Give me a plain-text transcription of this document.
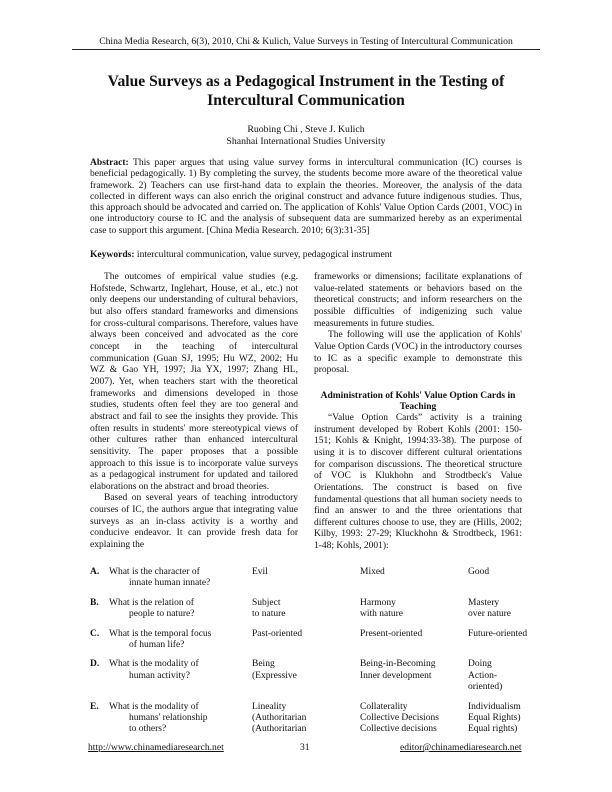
China Media Research, 6(3), 2010, Chi & Kulich, Value Surveys in Testing of Intercultural Communication
Value Surveys as a Pedagogical Instrument in the Testing of
Intercultural Communication
Ruobing Chi , Steve J. Kulich
Shanhai International Studies University

Abstract: This paper argues that using value survey forms in intercultural communication (IC) courses is beneficial pedagogically. 1) By completing the survey, the students become more aware of the theoretical value framework. 2) Teachers can use first-hand data to explain the theories. Moreover, the analysis of the data collected in different ways can also enrich the original construct and advance future indigenous studies. Thus, this approach should be advocated and carried on. The application of Kohls' Value Option Cards (2001, VOC) in one introductory course to IC and the analysis of subsequent data are summarized hereby as an experimental case to support this argument. [China Media Research. 2010; 6(3):31-35]

Keywords: intercultural communication, value survey, pedagogical instrument

The outcomes of empirical value studies (e.g. Hofstede, Schwartz, Inglehart, House, et al., etc.) not only deepens our understanding of cultural behaviors, but also offers standard frameworks and dimensions for cross-cultural comparisons. Therefore, values have always been conceived and advocated as the core concept in the teaching of intercultural communication (Guan SJ, 1995; Hu WZ, 2002; Hu WZ & Gao YH, 1997; Jia YX, 1997; Zhang HL, 2007). Yet, when teachers start with the theoretical frameworks and dimensions developed in those studies, students often feel they are too general and abstract and fail to see the insights they provide. This often results in students' more stereotypical views of other cultures rather than enhanced intercultural sensitivity. The paper proposes that a possible approach to this issue is to incorporate value surveys as a pedagogical instrument for updated and tailored elaborations on the abstract and broad theories.

Based on several years of teaching introductory courses of IC, the authors argue that integrating value surveys as an in-class activity is a worthy and conducive endeavor. It can provide fresh data for explaining the

frameworks or dimensions; facilitate explanations of value-related statements or behaviors based on the theoretical constructs; and inform researchers on the possible difficulties of indigenizing such value measurements in future studies.

The following will use the application of Kohls' Value Option Cards (VOC) in the introductory courses to IC as a specific example to demonstrate this proposal.

Administration of Kohls' Value Option Cards in Teaching

“Value Option Cards” activity is a training instrument developed by Robert Kohls (2001: 150-151; Kohls & Knight, 1994:33-38). The purpose of using it is to discover different cultural orientations for comparison discussions. The theoretical structure of VOC is Klukhohn and Strodtbeck's Value Orientations. The construct is based on five fundamental questions that all human society needs to find an answer to and the three orientations that different cultures choose to use, they are (Hills, 2002; Kilby, 1993: 27-29; Kluckhohn & Strodtbeck, 1961: 1-48; Kohls, 2001):

A.	What is the character of
innate human innate?	Evil	Mixed	Good

B.	What is the relation of
people to nature?	Subject
to nature	Harmony
with nature	Mastery
over nature

C.	What is the temporal focus
of human life?	Past-oriented	Present-oriented	Future-oriented

D.	What is the modality of
human activity?	Being
(Expressive	Being-in-Becoming
Inner development	Doing
Action-oriented)

E.	What is the modality of
humans' relationship
to others?	Lineality
(Authoritarian
(Authoritarian	Collaterality
Collective Decisions
Collective decisions	Individualism
Equal Rights)
Equal rights)
http://www.chinamediaresearch.net	31	editor@chinamediaresearch.net
